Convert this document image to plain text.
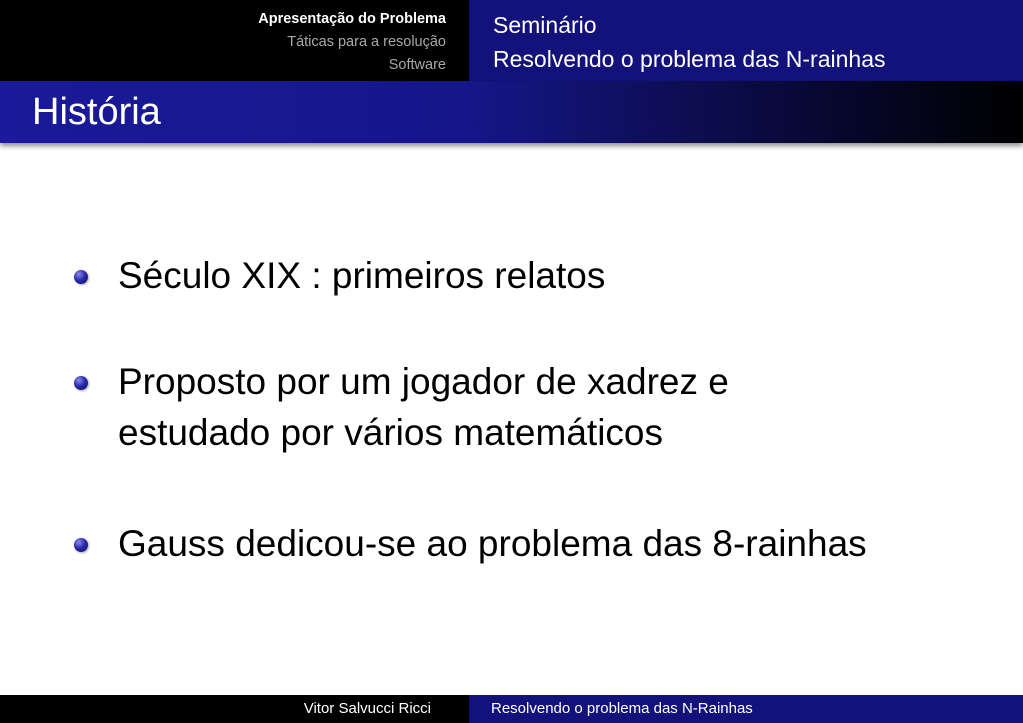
Apresentação do Problema
Táticas para a resolução
Software
Seminário
Resolvendo o problema das N-rainhas
História
Século XIX : primeiros relatos
Proposto por um jogador de xadrez e estudado por vários matemáticos
Gauss dedicou-se ao problema das 8-rainhas
Vitor Salvucci Ricci	Resolvendo o problema das N-Rainhas
